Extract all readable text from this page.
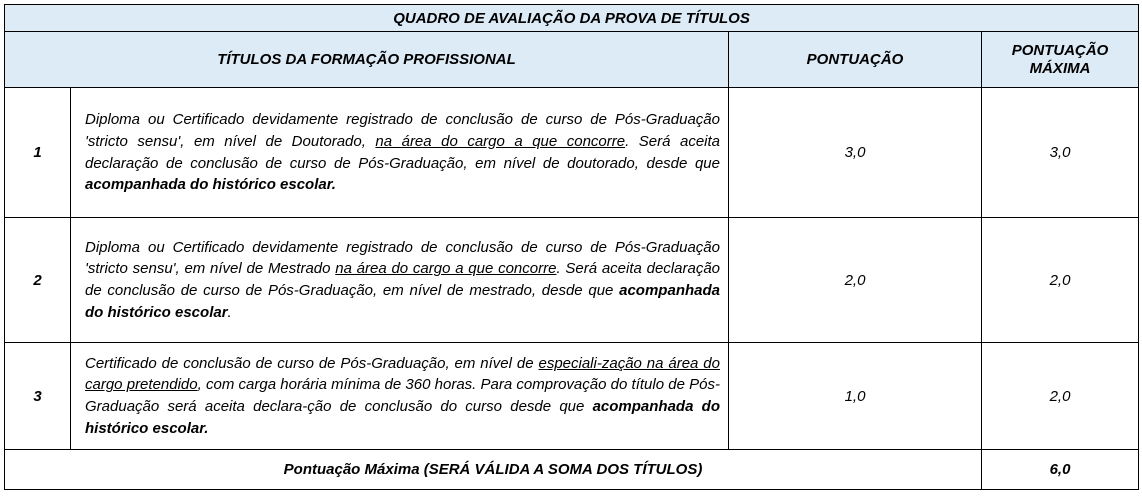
QUADRO DE AVALIAÇÃO DA PROVA DE TÍTULOS			
TÍTULOS DA FORMAÇÃO PROFISSIONAL		PONTUAÇÃO	PONTUAÇÃO
MÁXIMA
1	Diploma ou Certificado devidamente registrado de conclusão de curso de Pós-Graduação 'stricto sensu', em nível de Doutorado, na área do cargo a que concorre. Será aceita declaração de conclusão de curso de Pós-Graduação, em nível de doutorado, desde que acompanhada do histórico escolar.	3,0	3,0
2	Diploma ou Certificado devidamente registrado de conclusão de curso de Pós-Graduação 'stricto sensu', em nível de Mestrado na área do cargo a que concorre. Será aceita declaração de conclusão de curso de Pós-Graduação, em nível de mestrado, desde que acompanhada do histórico escolar.	2,0	2,0
3	Certificado de conclusão de curso de Pós-Graduação, em nível de especiali-zação na área do cargo pretendido, com carga horária mínima de 360 horas. Para comprovação do título de Pós-Graduação será aceita declara-ção de conclusão do curso desde que acompanhada do histórico escolar.	1,0	2,0
Pontuação Máxima (SERÁ VÁLIDA A SOMA DOS TÍTULOS)			6,0
